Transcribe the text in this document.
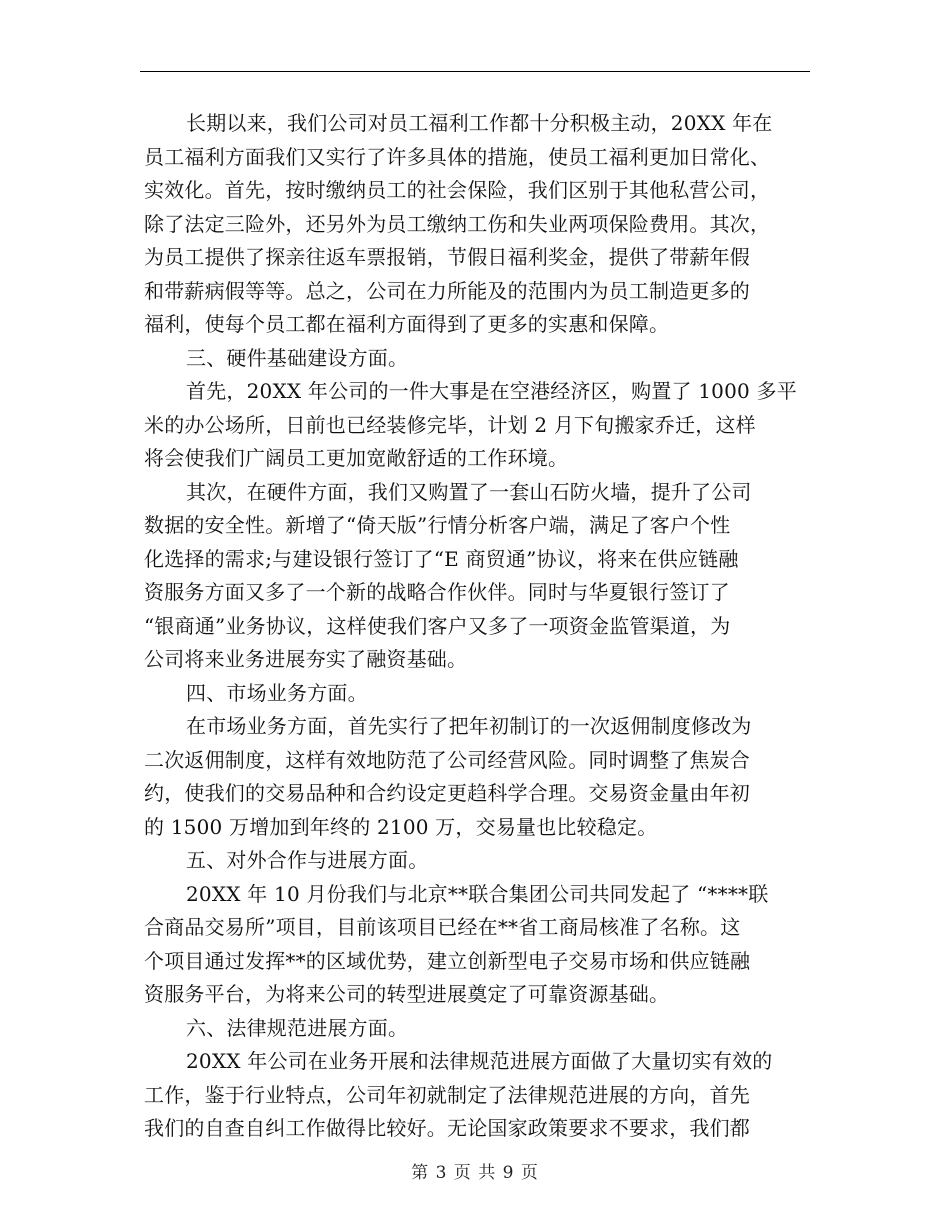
长期以来，我们公司对员工福利工作都十分积极主动，20XX 年在
员工福利方面我们又实行了许多具体的措施，使员工福利更加日常化、
实效化。首先，按时缴纳员工的社会保险，我们区别于其他私营公司，
除了法定三险外，还另外为员工缴纳工伤和失业两项保险费用。其次，
为员工提供了探亲往返车票报销，节假日福利奖金，提供了带薪年假
和带薪病假等等。总之，公司在力所能及的范围内为员工制造更多的
福利，使每个员工都在福利方面得到了更多的实惠和保障。
三、硬件基础建设方面。
首先，20XX 年公司的一件大事是在空港经济区，购置了 1000 多平
米的办公场所，日前也已经装修完毕，计划 2 月下旬搬家乔迁，这样
将会使我们广阔员工更加宽敞舒适的工作环境。
其次，在硬件方面，我们又购置了一套山石防火墙，提升了公司
数据的安全性。新增了“倚天版”行情分析客户端，满足了客户个性
化选择的需求;与建设银行签订了“E 商贸通”协议，将来在供应链融
资服务方面又多了一个新的战略合作伙伴。同时与华夏银行签订了
“银商通”业务协议，这样使我们客户又多了一项资金监管渠道，为
公司将来业务进展夯实了融资基础。
四、市场业务方面。
在市场业务方面，首先实行了把年初制订的一次返佣制度修改为
二次返佣制度，这样有效地防范了公司经营风险。同时调整了焦炭合
约，使我们的交易品种和合约设定更趋科学合理。交易资金量由年初
的 1500 万增加到年终的 2100 万，交易量也比较稳定。
五、对外合作与进展方面。
20XX 年 10 月份我们与北京**联合集团公司共同发起了 “****联
合商品交易所”项目，目前该项目已经在**省工商局核准了名称。这
个项目通过发挥**的区域优势，建立创新型电子交易市场和供应链融
资服务平台，为将来公司的转型进展奠定了可靠资源基础。
六、法律规范进展方面。
20XX 年公司在业务开展和法律规范进展方面做了大量切实有效的
工作，鉴于行业特点，公司年初就制定了法律规范进展的方向，首先
我们的自查自纠工作做得比较好。无论国家政策要求不要求，我们都
第 3 页 共 9 页
